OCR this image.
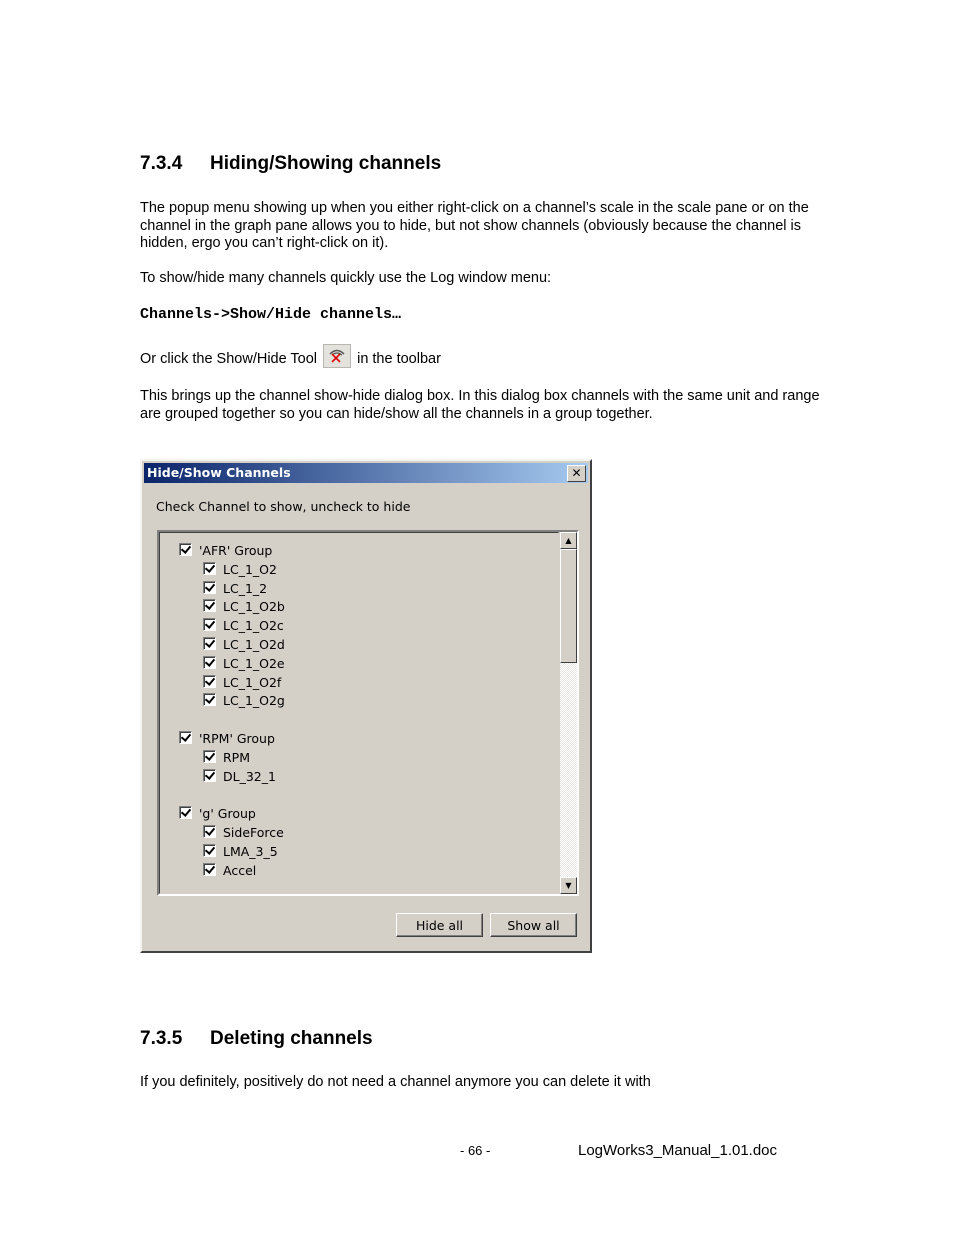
7.3.4 Hiding/Showing channels
The popup menu showing up when you either right-click on a channel’s scale in the scale pane or on the channel in the graph pane allows you to hide, but not show channels (obviously because the channel is hidden, ergo you can’t right-click on it).
To show/hide many channels quickly use the Log window menu:
Channels->Show/Hide channels…
Or click the Show/Hide Tool	in the toolbar
This brings up the channel show-hide dialog box. In this dialog box channels with the same unit and range are grouped together so you can hide/show all the channels in a group together.
Hide/Show Channels	✕
Check Channel to show, uncheck to hide
'AFR' Group
LC_1_O2
LC_1_2
LC_1_O2b
LC_1_O2c
LC_1_O2d
LC_1_O2e
LC_1_O2f
LC_1_O2g
'RPM' Group
RPM
DL_32_1
'g' Group
SideForce
LMA_3_5
Accel
▲
▼
Hide all	Show all
7.3.5 Deleting channels
If you definitely, positively do not need a channel anymore you can delete it with
- 66 -	LogWorks3_Manual_1.01.doc
